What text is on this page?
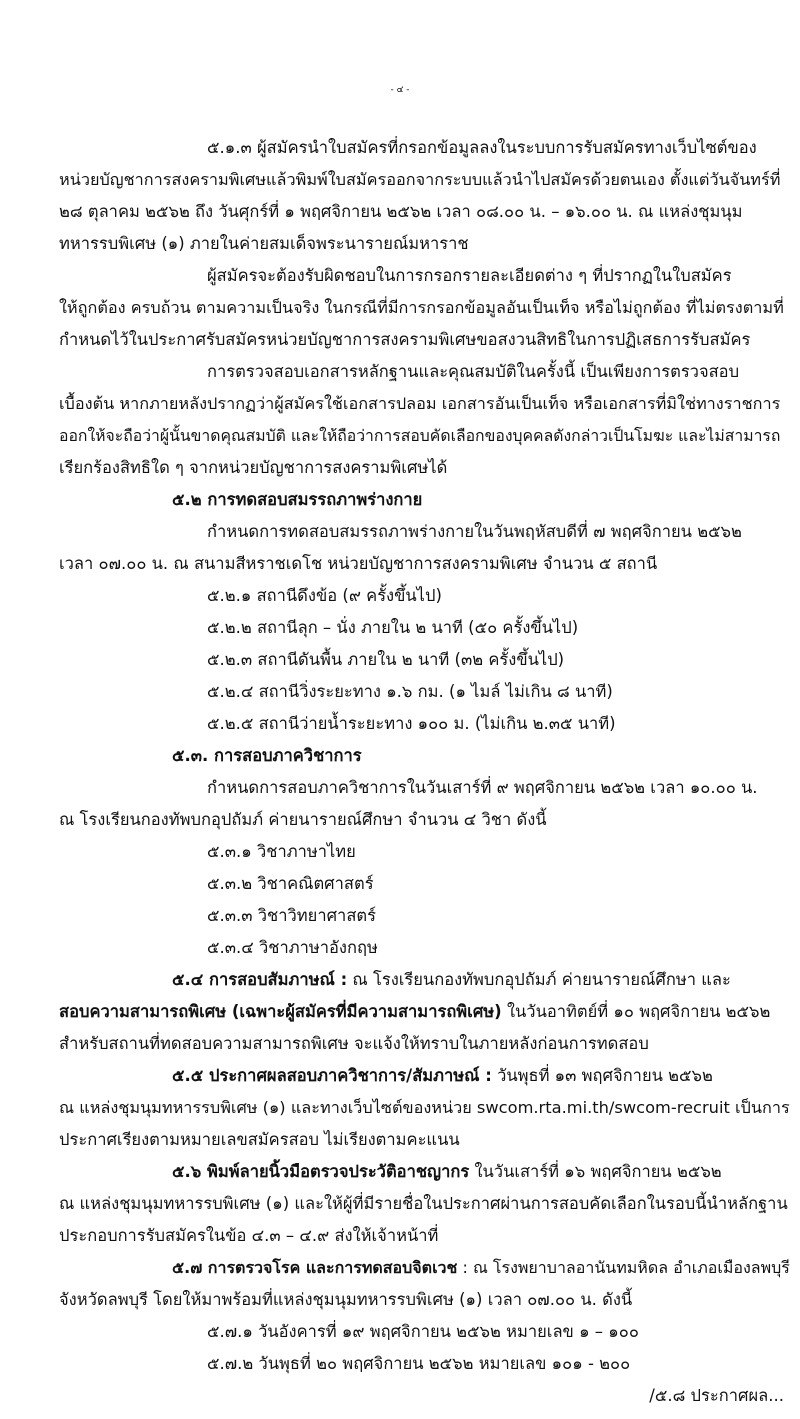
- ๔ -
๕.๑.๓ ผู้สมัครนำใบสมัครที่กรอกข้อมูลลงในระบบการรับสมัครทางเว็บไซต์ของ
หน่วยบัญชาการสงครามพิเศษแล้วพิมพ์ใบสมัครออกจากระบบแล้วนำไปสมัครด้วยตนเอง ตั้งแต่วันจันทร์ที่
๒๘ ตุลาคม ๒๕๖๒ ถึง วันศุกร์ที่ ๑ พฤศจิกายน ๒๕๖๒ เวลา ๐๘.๐๐ น. – ๑๖.๐๐ น. ณ แหล่งชุมนุม
ทหารรบพิเศษ (๑) ภายในค่ายสมเด็จพระนารายณ์มหาราช
ผู้สมัครจะต้องรับผิดชอบในการกรอกรายละเอียดต่าง ๆ ที่ปรากฏในใบสมัคร
ให้ถูกต้อง ครบถ้วน ตามความเป็นจริง ในกรณีที่มีการกรอกข้อมูลอันเป็นเท็จ หรือไม่ถูกต้อง ที่ไม่ตรงตามที่
กำหนดไว้ในประกาศรับสมัครหน่วยบัญชาการสงครามพิเศษขอสงวนสิทธิในการปฏิเสธการรับสมัคร
การตรวจสอบเอกสารหลักฐานและคุณสมบัติในครั้งนี้ เป็นเพียงการตรวจสอบ
เบื้องต้น หากภายหลังปรากฏว่าผู้สมัครใช้เอกสารปลอม เอกสารอันเป็นเท็จ หรือเอกสารที่มิใช่ทางราชการ
ออกให้จะถือว่าผู้นั้นขาดคุณสมบัติ และให้ถือว่าการสอบคัดเลือกของบุคคลดังกล่าวเป็นโมฆะ และไม่สามารถ
เรียกร้องสิทธิใด ๆ จากหน่วยบัญชาการสงครามพิเศษได้
๕.๒ การทดสอบสมรรถภาพร่างกาย
กำหนดการทดสอบสมรรถภาพร่างกายในวันพฤหัสบดีที่ ๗ พฤศจิกายน ๒๕๖๒
เวลา ๐๗.๐๐ น. ณ สนามสีหราชเดโช หน่วยบัญชาการสงครามพิเศษ จำนวน ๕ สถานี
๕.๒.๑ สถานีดึงข้อ (๙ ครั้งขึ้นไป)
๕.๒.๒ สถานีลุก – นั่ง ภายใน ๒ นาที (๕๐ ครั้งขึ้นไป)
๕.๒.๓ สถานีดันพื้น ภายใน ๒ นาที (๓๒ ครั้งขึ้นไป)
๕.๒.๔ สถานีวิ่งระยะทาง ๑.๖ กม. (๑ ไมล์ ไม่เกิน ๘ นาที)
๕.๒.๕ สถานีว่ายน้ำระยะทาง ๑๐๐ ม. (ไม่เกิน ๒.๓๕ นาที)
๕.๓. การสอบภาควิชาการ
กำหนดการสอบภาควิชาการในวันเสาร์ที่ ๙ พฤศจิกายน ๒๕๖๒ เวลา ๑๐.๐๐ น.
ณ โรงเรียนกองทัพบกอุปถัมภ์ ค่ายนารายณ์ศึกษา จำนวน ๔ วิชา ดังนี้
๕.๓.๑ วิชาภาษาไทย
๕.๓.๒ วิชาคณิตศาสตร์
๕.๓.๓ วิชาวิทยาศาสตร์
๕.๓.๔ วิชาภาษาอังกฤษ
๕.๔ การสอบสัมภาษณ์ : ณ โรงเรียนกองทัพบกอุปถัมภ์ ค่ายนารายณ์ศึกษา และ
สอบความสามารถพิเศษ (เฉพาะผู้สมัครที่มีความสามารถพิเศษ) ในวันอาทิตย์ที่ ๑๐ พฤศจิกายน ๒๕๖๒
สำหรับสถานที่ทดสอบความสามารถพิเศษ จะแจ้งให้ทราบในภายหลังก่อนการทดสอบ
๕.๕ ประกาศผลสอบภาควิชาการ/สัมภาษณ์ : วันพุธที่ ๑๓ พฤศจิกายน ๒๕๖๒
ณ แหล่งชุมนุมทหารรบพิเศษ (๑) และทางเว็บไซต์ของหน่วย swcom.rta.mi.th/swcom-recruit เป็นการ
ประกาศเรียงตามหมายเลขสมัครสอบ ไม่เรียงตามคะแนน
๕.๖ พิมพ์ลายนิ้วมือตรวจประวัติอาชญากร ในวันเสาร์ที่ ๑๖ พฤศจิกายน ๒๕๖๒
ณ แหล่งชุมนุมทหารรบพิเศษ (๑) และให้ผู้ที่มีรายชื่อในประกาศผ่านการสอบคัดเลือกในรอบนี้นำหลักฐาน
ประกอบการรับสมัครในข้อ ๔.๓ – ๔.๙ ส่งให้เจ้าหน้าที่
๕.๗ การตรวจโรค และการทดสอบจิตเวช : ณ โรงพยาบาลอานันทมหิดล อำเภอเมืองลพบุรี
จังหวัดลพบุรี โดยให้มาพร้อมที่แหล่งชุมนุมทหารรบพิเศษ (๑) เวลา ๐๗.๐๐ น. ดังนี้
๕.๗.๑ วันอังคารที่ ๑๙ พฤศจิกายน ๒๕๖๒ หมายเลข ๑ – ๑๐๐
๕.๗.๒ วันพุธที่ ๒๐ พฤศจิกายน ๒๕๖๒ หมายเลข ๑๐๑ - ๒๐๐
/๕.๘ ประกาศผล...
